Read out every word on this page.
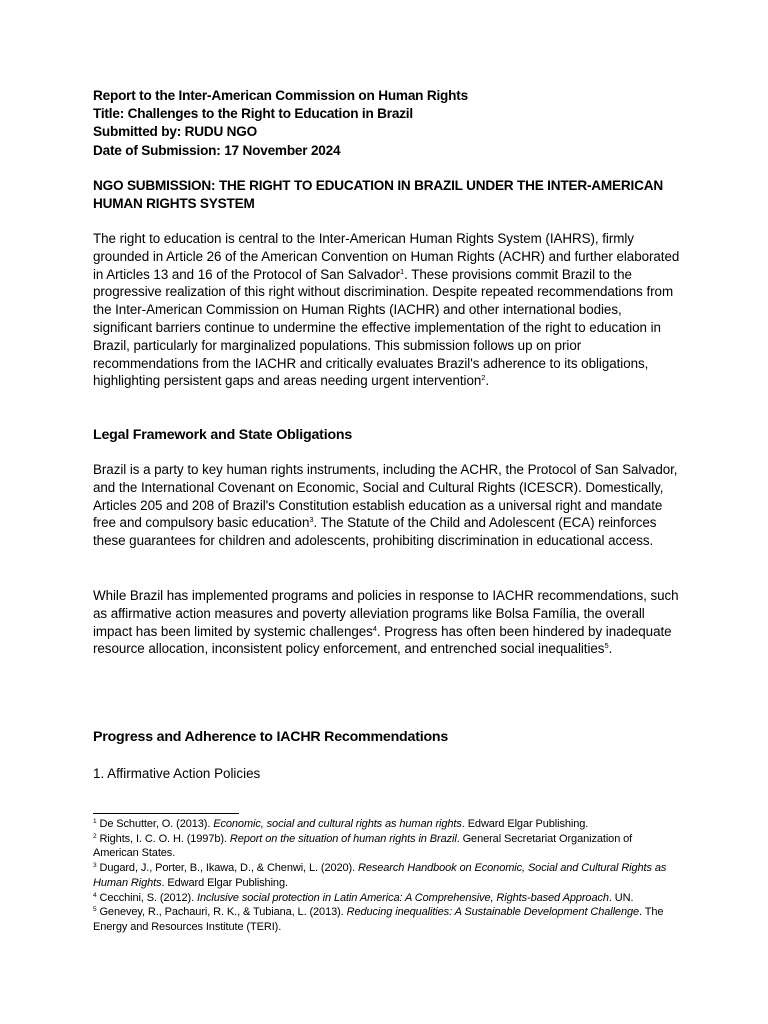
Report to the Inter-American Commission on Human Rights
Title: Challenges to the Right to Education in Brazil
Submitted by: RUDU NGO
Date of Submission: 17 November 2024
NGO SUBMISSION: THE RIGHT TO EDUCATION IN BRAZIL UNDER THE INTER-AMERICAN HUMAN RIGHTS SYSTEM

The right to education is central to the Inter-American Human Rights System (IAHRS), firmly grounded in Article 26 of the American Convention on Human Rights (ACHR) and further elaborated in Articles 13 and 16 of the Protocol of San Salvador$^1$. These provisions commit Brazil to the progressive realization of this right without discrimination. Despite repeated recommendations from the Inter-American Commission on Human Rights (IACHR) and other international bodies, significant barriers continue to undermine the effective implementation of the right to education in Brazil, particularly for marginalized populations. This submission follows up on prior recommendations from the IACHR and critically evaluates Brazil's adherence to its obligations, highlighting persistent gaps and areas needing urgent intervention$^2$.

Legal Framework and State Obligations

Brazil is a party to key human rights instruments, including the ACHR, the Protocol of San Salvador, and the International Covenant on Economic, Social and Cultural Rights (ICESCR). Domestically, Articles 205 and 208 of Brazil's Constitution establish education as a universal right and mandate free and compulsory basic education$^3$. The Statute of the Child and Adolescent (ECA) reinforces these guarantees for children and adolescents, prohibiting discrimination in educational access.

While Brazil has implemented programs and policies in response to IACHR recommendations, such as affirmative action measures and poverty alleviation programs like Bolsa Família, the overall impact has been limited by systemic challenges$^4$. Progress has often been hindered by inadequate resource allocation, inconsistent policy enforcement, and entrenched social inequalities$^5$.

Progress and Adherence to IACHR Recommendations
1. Affirmative Action Policies

$^1$ De Schutter, O. (2013). Economic, social and cultural rights as human rights. Edward Elgar Publishing.

$^2$ Rights, I. C. O. H. (1997b). Report on the situation of human rights in Brazil. General Secretariat Organization of American States.

$^3$ Dugard, J., Porter, B., Ikawa, D., & Chenwi, L. (2020). Research Handbook on Economic, Social and Cultural Rights as Human Rights. Edward Elgar Publishing.

$^4$ Cecchini, S. (2012). Inclusive social protection in Latin America: A Comprehensive, Rights-based Approach. UN.

$^5$ Genevey, R., Pachauri, R. K., & Tubiana, L. (2013). Reducing inequalities: A Sustainable Development Challenge. The Energy and Resources Institute (TERI).
